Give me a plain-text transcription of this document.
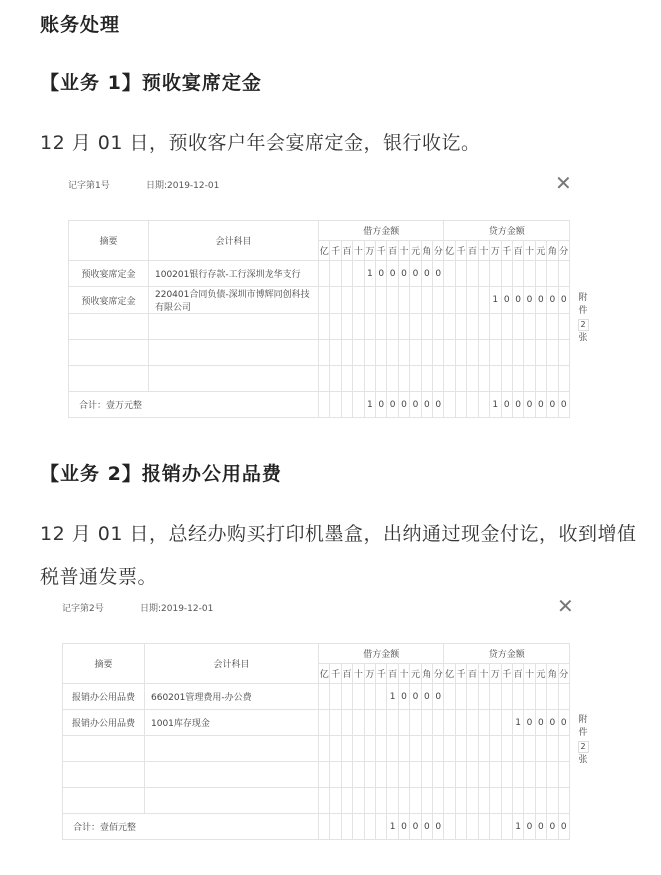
账务处理
【业务 1】预收宴席定金
12 月 01 日，预收客户年会宴席定金，银行收讫。
记字第1号	日期:2019-12-01	✕
摘要	会计科目	借方金额											贷方金额										
		亿	千	百	十	万	千	百	十	元	角	分	亿	千	百	十	万	千	百	十	元	角	分
预收宴席定金	100201银行存款-工行深圳龙华支行					1	0	0	0	0	0	0											
预收宴席定金	220401合同负债-深圳市博辉同创科技有限公司																1	0	0	0	0	0	0

合计：壹万元整						1	0	0	0	0	0	0					1	0	0	0	0	0	0
附
件
2
张
【业务 2】报销办公用品费
12 月 01 日，总经办购买打印机墨盒，出纳通过现金付讫，收到增值
税普通发票。
记字第2号	日期:2019-12-01	✕
摘要	会计科目	借方金额											贷方金额										
		亿	千	百	十	万	千	百	十	元	角	分	亿	千	百	十	万	千	百	十	元	角	分
报销办公用品费	660201管理费用-办公费							1	0	0	0	0											
报销办公用品费	1001库存现金																		1	0	0	0	0

合计：壹佰元整								1	0	0	0	0							1	0	0	0	0
附
件
2
张
